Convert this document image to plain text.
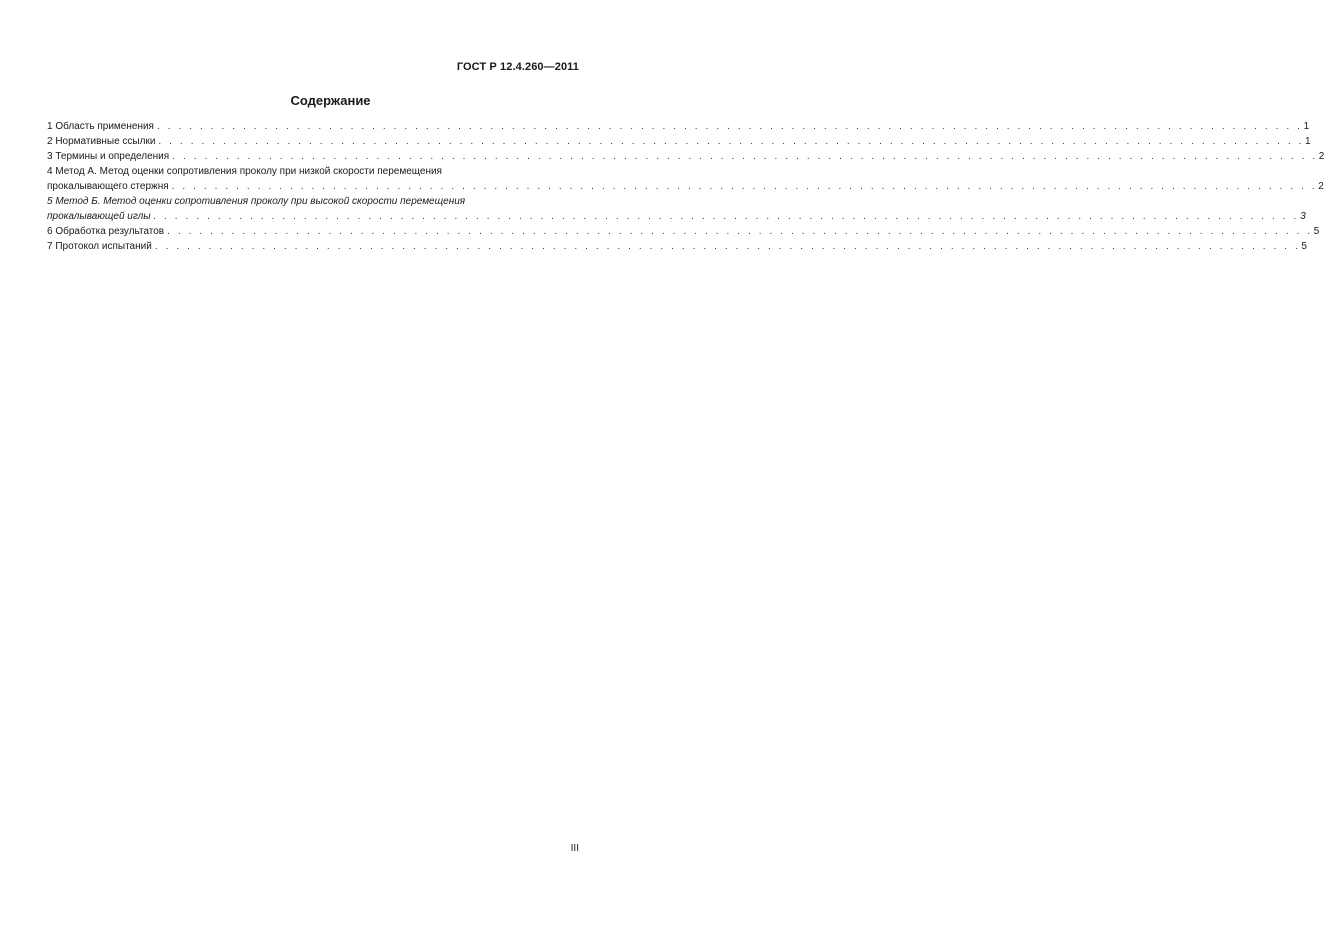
ГОСТ Р 12.4.260—2011
Содержание
1 Область применения . . . . . . . . . . . . . . . . . . . . . . . . . . . . . . . . . . . . . . . . . . . . . . . . . . . . . . . . . . . . . . . . . . . . . . . . . . . . . . . . . . . . . . . . . . . . . . . . . . . . . . . . . . . 1
2 Нормативные ссылки . . . . . . . . . . . . . . . . . . . . . . . . . . . . . . . . . . . . . . . . . . . . . . . . . . . . . . . . . . . . . . . . . . . . . . . . . . . . . . . . . . . . . . . . . . . . . . . . . . . . . . . . . . . 1
3 Термины и определения . . . . . . . . . . . . . . . . . . . . . . . . . . . . . . . . . . . . . . . . . . . . . . . . . . . . . . . . . . . . . . . . . . . . . . . . . . . . . . . . . . . . . . . . . . . . . . . . . . . . . . . . . . . 2
4 Метод А. Метод оценки сопротивления проколу при низкой скорости перемещения
прокалывающего стержня . . . . . . . . . . . . . . . . . . . . . . . . . . . . . . . . . . . . . . . . . . . . . . . . . . . . . . . . . . . . . . . . . . . . . . . . . . . . . . . . . . . . . . . . . . . . . . . . . . . . . . . . . . . 2
5 Метод Б. Метод оценки сопротивления проколу при высокой скорости перемещения
прокалывающей иглы . . . . . . . . . . . . . . . . . . . . . . . . . . . . . . . . . . . . . . . . . . . . . . . . . . . . . . . . . . . . . . . . . . . . . . . . . . . . . . . . . . . . . . . . . . . . . . . . . . . . . . . . . . . 3
6 Обработка результатов . . . . . . . . . . . . . . . . . . . . . . . . . . . . . . . . . . . . . . . . . . . . . . . . . . . . . . . . . . . . . . . . . . . . . . . . . . . . . . . . . . . . . . . . . . . . . . . . . . . . . . . . . . . 5
7 Протокол испытаний . . . . . . . . . . . . . . . . . . . . . . . . . . . . . . . . . . . . . . . . . . . . . . . . . . . . . . . . . . . . . . . . . . . . . . . . . . . . . . . . . . . . . . . . . . . . . . . . . . . . . . . . . . . 5
III
